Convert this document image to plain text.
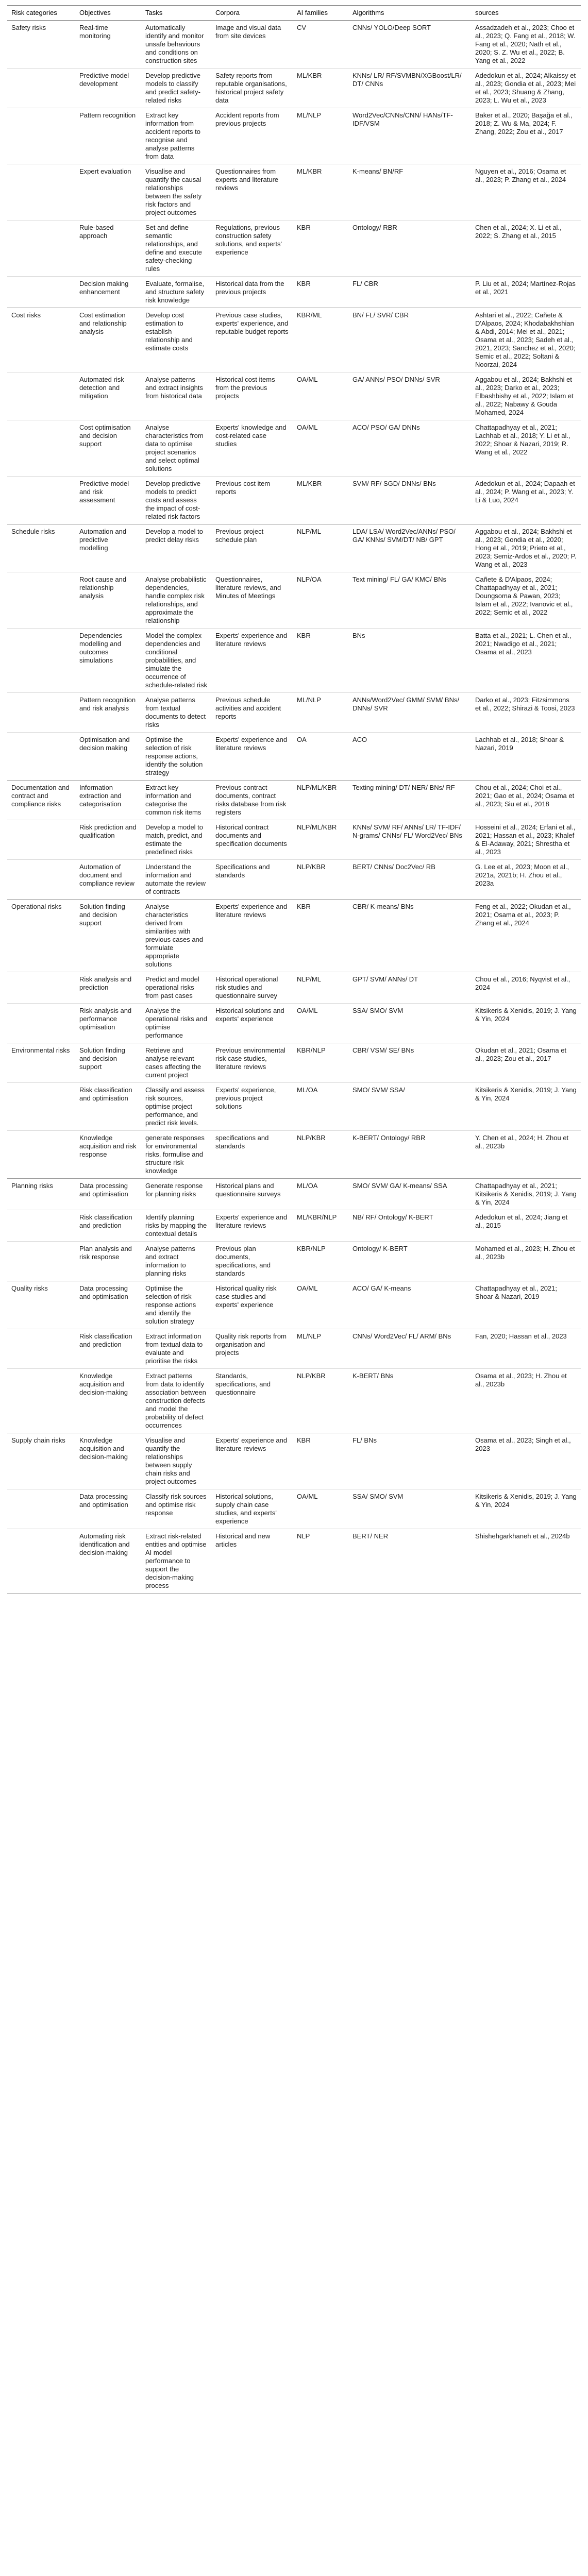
Risk categories	Objectives	Tasks	Corpora	AI families	Algorithms	sources
Safety risks	Real-time monitoring	Automatically identify and monitor unsafe behaviours and conditions on construction sites	Image and visual data from site devices	CV	CNNs/ YOLO/Deep SORT	Assadzadeh et al., 2023; Choo et al., 2023; Q. Fang et al., 2018; W. Fang et al., 2020; Nath et al., 2020; S. Z. Wu et al., 2022; B. Yang et al., 2022
	Predictive model development	Develop predictive models to classify and predict safety-related risks	Safety reports from reputable organisations, historical project safety data	ML/KBR	KNNs/ LR/ RF/SVMBN/XGBoost/LR/ DT/ CNNs	Adedokun et al., 2024; Alkaissy et al., 2023; Gondia et al., 2023; Mei et al., 2023; Shuang & Zhang, 2023; L. Wu et al., 2023
	Pattern recognition	Extract key information from accident reports to recognise and analyse patterns from data	Accident reports from previous projects	ML/NLP	Word2Vec/CNNs/CNN/ HANs/TF-IDF/VSM	Baker et al., 2020; Başağa et al., 2018; Z. Wu & Ma, 2024; F. Zhang, 2022; Zou et al., 2017
	Expert evaluation	Visualise and quantify the causal relationships between the safety risk factors and project outcomes	Questionnaires from experts and literature reviews	ML/KBR	K-means/ BN/RF	Nguyen et al., 2016; Osama et al., 2023; P. Zhang et al., 2024
	Rule-based approach	Set and define semantic relationships, and define and execute safety-checking rules	Regulations, previous construction safety solutions, and experts' experience	KBR	Ontology/ RBR	Chen et al., 2024; X. Li et al., 2022; S. Zhang et al., 2015
	Decision making enhancement	Evaluate, formalise, and structure safety risk knowledge	Historical data from the previous projects	KBR	FL/ CBR	P. Liu et al., 2024; Martínez-Rojas et al., 2021
Cost risks	Cost estimation and relationship analysis	Develop cost estimation to establish relationship and estimate costs	Previous case studies, experts' experience, and reputable budget reports	KBR/ML	BN/ FL/ SVR/ CBR	Ashtari et al., 2022; Cañete & D'Alpaos, 2024; Khodabakhshian & Abdi, 2014; Mei et al., 2021; Osama et al., 2023; Sadeh et al., 2021, 2023; Sanchez et al., 2020; Semic et al., 2022; Soltani & Noorzai, 2024
	Automated risk detection and mitigation	Analyse patterns and extract insights from historical data	Historical cost items from the previous projects	OA/ML	GA/ ANNs/ PSO/ DNNs/ SVR	Aggabou et al., 2024; Bakhshi et al., 2023; Darko et al., 2023; Elbashbishy et al., 2022; Islam et al., 2022; Nabawy & Gouda Mohamed, 2024
	Cost optimisation and decision support	Analyse characteristics from data to optimise project scenarios and select optimal solutions	Experts' knowledge and cost-related case studies	OA/ML	ACO/ PSO/ GA/ DNNs	Chattapadhyay et al., 2021; Lachhab et al., 2018; Y. Li et al., 2022; Shoar & Nazari, 2019; R. Wang et al., 2022
	Predictive model and risk assessment	Develop predictive models to predict costs and assess the impact of cost-related risk factors	Previous cost item reports	ML/KBR	SVM/ RF/ SGD/ DNNs/ BNs	Adedokun et al., 2024; Dapaah et al., 2024; P. Wang et al., 2023; Y. Li & Luo, 2024
Schedule risks	Automation and predictive modelling	Develop a model to predict delay risks	Previous project schedule plan	NLP/ML	LDA/ LSA/ Word2Vec/ANNs/ PSO/ GA/ KNNs/ SVM/DT/ NB/ GPT	Aggabou et al., 2024; Bakhshi et al., 2023; Gondia et al., 2020; Hong et al., 2019; Prieto et al., 2023; Semiz-Ardos et al., 2020; P. Wang et al., 2023
	Root cause and relationship analysis	Analyse probabilistic dependencies, handle complex risk relationships, and approximate the relationship	Questionnaires, literature reviews, and Minutes of Meetings	NLP/OA	Text mining/ FL/ GA/ KMC/ BNs	Cañete & D'Alpaos, 2024; Chattapadhyay et al., 2021; Doungsoma & Pawan, 2023; Islam et al., 2022; Ivanovic et al., 2022; Semic et al., 2022
	Dependencies modelling and outcomes simulations	Model the complex dependencies and conditional probabilities, and simulate the occurrence of schedule-related risk	Experts' experience and literature reviews	KBR	BNs	Batta et al., 2021; L. Chen et al., 2021; Nwadigo et al., 2021; Osama et al., 2023
	Pattern recognition and risk analysis	Analyse patterns from textual documents to detect risks	Previous schedule activities and accident reports	ML/NLP	ANNs/Word2Vec/ GMM/ SVM/ BNs/ DNNs/ SVR	Darko et al., 2023; Fitzsimmons et al., 2022; Shirazi & Toosi, 2023
	Optimisation and decision making	Optimise the selection of risk response actions, identify the solution strategy	Experts' experience and literature reviews	OA	ACO	Lachhab et al., 2018; Shoar & Nazari, 2019
Documentation and contract and compliance risks	Information extraction and categorisation	Extract key information and categorise the common risk items	Previous contract documents, contract risks database from risk registers	NLP/ML/KBR	Texting mining/ DT/ NER/ BNs/ RF	Chou et al., 2024; Choi et al., 2021; Gao et al., 2024; Osama et al., 2023; Siu et al., 2018
	Risk prediction and qualification	Develop a model to match, predict, and estimate the predefined risks	Historical contract documents and specification documents	NLP/ML/KBR	KNNs/ SVM/ RF/ ANNs/ LR/ TF-IDF/ N-grams/ CNNs/ FL/ Word2Vec/ BNs	Hosseini et al., 2024; Erfani et al., 2021; Hassan et al., 2023; Khalef & El-Adaway, 2021; Shrestha et al., 2023
	Automation of document and compliance review	Understand the information and automate the review of contracts	Specifications and standards	NLP/KBR	BERT/ CNNs/ Doc2Vec/ RB	G. Lee et al., 2023; Moon et al., 2021a, 2021b; H. Zhou et al., 2023a
Operational risks	Solution finding and decision support	Analyse characteristics derived from similarities with previous cases and formulate appropriate solutions	Experts' experience and literature reviews	KBR	CBR/ K-means/ BNs	Feng et al., 2022; Okudan et al., 2021; Osama et al., 2023; P. Zhang et al., 2024
	Risk analysis and prediction	Predict and model operational risks from past cases	Historical operational risk studies and questionnaire survey	NLP/ML	GPT/ SVM/ ANNs/ DT	Chou et al., 2016; Nyqvist et al., 2024
	Risk analysis and performance optimisation	Analyse the operational risks and optimise performance	Historical solutions and experts' experience	OA/ML	SSA/ SMO/ SVM	Kitsikeris & Xenidis, 2019; J. Yang & Yin, 2024
Environmental risks	Solution finding and decision support	Retrieve and analyse relevant cases affecting the current project	Previous environmental risk case studies, literature reviews	KBR/NLP	CBR/ VSM/ SE/ BNs	Okudan et al., 2021; Osama et al., 2023; Zou et al., 2017
	Risk classification and optimisation	Classify and assess risk sources, optimise project performance, and predict risk levels.	Experts' experience, previous project solutions	ML/OA	SMO/ SVM/ SSA/	Kitsikeris & Xenidis, 2019; J. Yang & Yin, 2024
	Knowledge acquisition and risk response	generate responses for environmental risks, formulise and structure risk knowledge	specifications and standards	NLP/KBR	K-BERT/ Ontology/ RBR	Y. Chen et al., 2024; H. Zhou et al., 2023b
Planning risks	Data processing and optimisation	Generate response for planning risks	Historical plans and questionnaire surveys	ML/OA	SMO/ SVM/ GA/ K-means/ SSA	Chattapadhyay et al., 2021; Kitsikeris & Xenidis, 2019; J. Yang & Yin, 2024
	Risk classification and prediction	Identify planning risks by mapping the contextual details	Experts' experience and literature reviews	ML/KBR/NLP	NB/ RF/ Ontology/ K-BERT	Adedokun et al., 2024; Jiang et al., 2015
	Plan analysis and risk response	Analyse patterns and extract information to planning risks	Previous plan documents, specifications, and standards	KBR/NLP	Ontology/ K-BERT	Mohamed et al., 2023; H. Zhou et al., 2023b
Quality risks	Data processing and optimisation	Optimise the selection of risk response actions and identify the solution strategy	Historical quality risk case studies and experts' experience	OA/ML	ACO/ GA/ K-means	Chattapadhyay et al., 2021; Shoar & Nazari, 2019
	Risk classification and prediction	Extract information from textual data to evaluate and prioritise the risks	Quality risk reports from organisation and projects	ML/NLP	CNNs/ Word2Vec/ FL/ ARM/ BNs	Fan, 2020; Hassan et al., 2023
	Knowledge acquisition and decision-making	Extract patterns from data to identify association between construction defects and model the probability of defect occurrences	Standards, specifications, and questionnaire	NLP/KBR	K-BERT/ BNs	Osama et al., 2023; H. Zhou et al., 2023b
Supply chain risks	Knowledge acquisition and decision-making	Visualise and quantify the relationships between supply chain risks and project outcomes	Experts' experience and literature reviews	KBR	FL/ BNs	Osama et al., 2023; Singh et al., 2023
	Data processing and optimisation	Classify risk sources and optimise risk response	Historical solutions, supply chain case studies, and experts' experience	OA/ML	SSA/ SMO/ SVM	Kitsikeris & Xenidis, 2019; J. Yang & Yin, 2024
	Automating risk identification and decision-making	Extract risk-related entities and optimise AI model performance to support the decision-making process	Historical and new articles	NLP	BERT/ NER	Shishehgarkhaneh et al., 2024b
